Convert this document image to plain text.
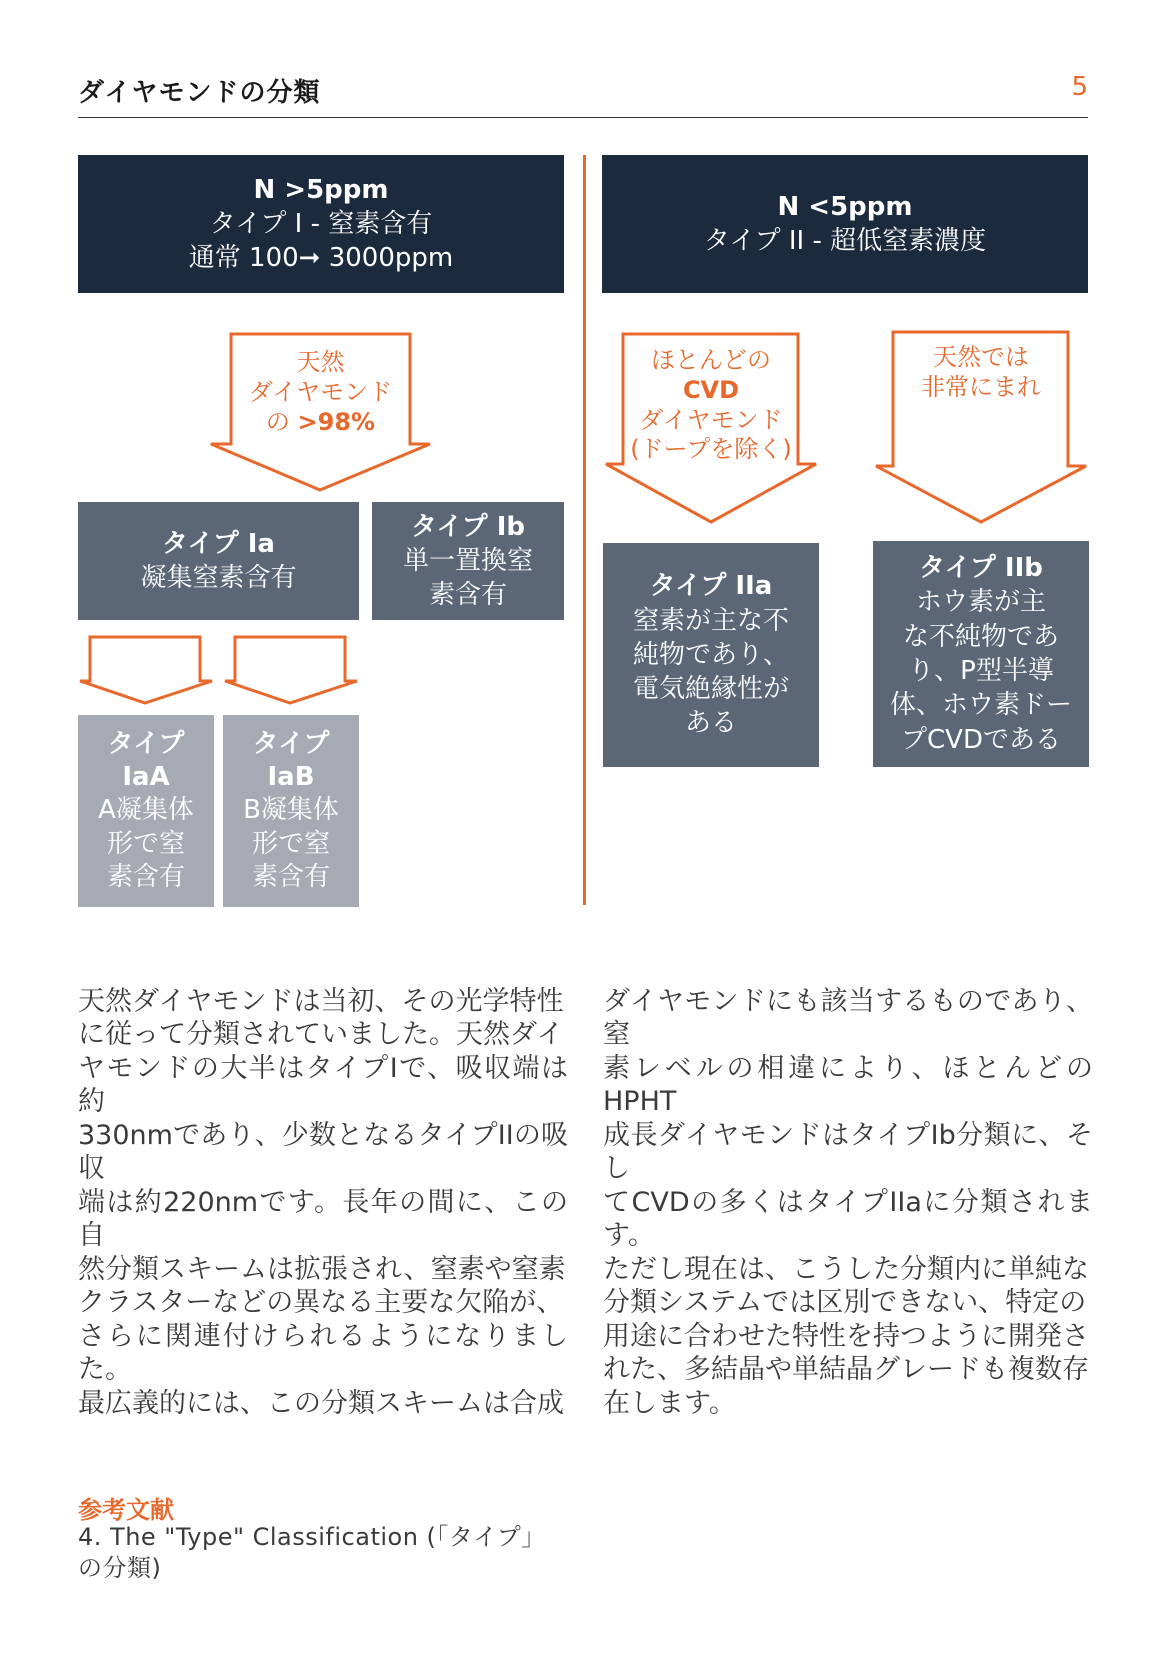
ダイヤモンドの分類	5
N >5ppm
タイプ I - 窒素含有
通常 100➞ 3000ppm
N <5ppm
タイプ II - 超低窒素濃度
天然
ダイヤモンド
の >98%
ほとんどの
CVD
ダイヤモンド
(ドープを除く)
天然では
非常にまれ
タイプ Ia
凝集窒素含有
タイプ Ib
単一置換窒
素含有
タイプ
IaA
A凝集体
形で窒
素含有
タイプ
IaB
B凝集体
形で窒
素含有
タイプ IIa
窒素が主な不
純物であり、
電気絶縁性が
ある
タイプ IIb
ホウ素が主
な不純物であ
り、P型半導
体、ホウ素ドー
プCVDである
天然ダイヤモンドは当初、その光学特性
に従って分類されていました。天然ダイ
ヤモンドの大半はタイプIで、吸収端は約
330nmであり、少数となるタイプIIの吸収
端は約220nmです。長年の間に、この自
然分類スキームは拡張され、窒素や窒素
クラスターなどの異なる主要な欠陥が、
さらに関連付けられるようになりました。
最広義的には、この分類スキームは合成
ダイヤモンドにも該当するものであり、窒
素レベルの相違により、ほとんどのHPHT
成長ダイヤモンドはタイプIb分類に、そし
てCVDの多くはタイプIIaに分類されます。
ただし現在は、こうした分類内に単純な
分類システムでは区別できない、特定の
用途に合わせた特性を持つように開発さ
れた、多結晶や単結晶グレードも複数存
在します。
参考文献
4. The "Type" Classification (「タイプ」の分類)
